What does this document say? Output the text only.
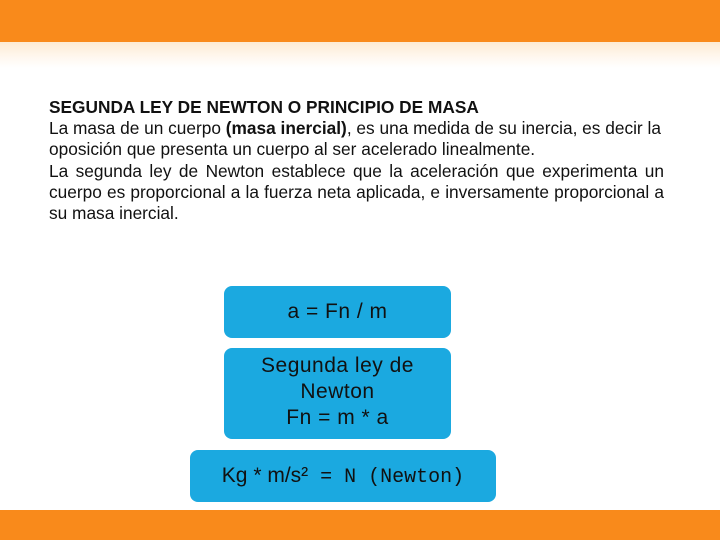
SEGUNDA LEY DE NEWTON O PRINCIPIO DE MASA

La masa de un cuerpo (masa inercial), es una medida de su inercia, es decir la oposición que presenta un cuerpo al ser acelerado linealmente.

La segunda ley de Newton establece que la aceleración que experimenta un cuerpo es proporcional a la fuerza neta aplicada, e inversamente proporcional a su masa inercial.

a = Fn / m
Segunda ley de
Newton
Fn = m * a
Kg * m/s² = N (Newton)
